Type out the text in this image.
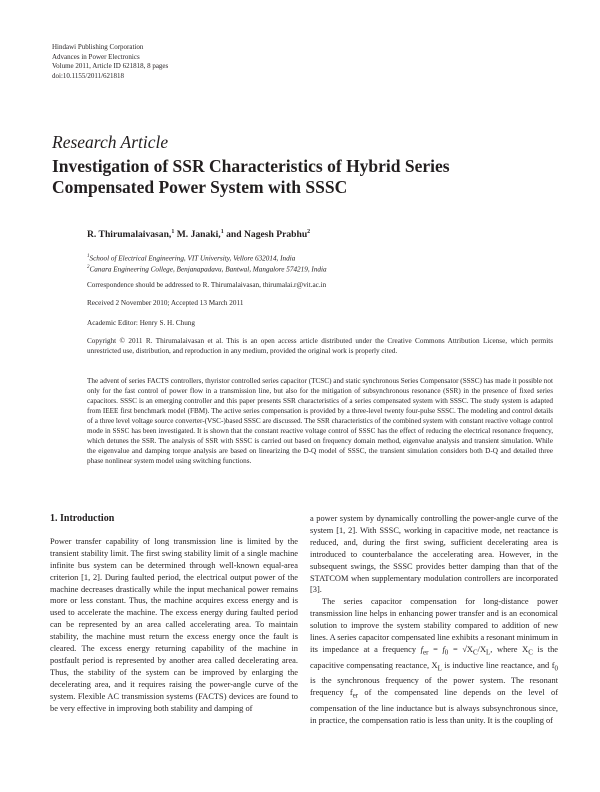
Hindawi Publishing Corporation
Advances in Power Electronics
Volume 2011, Article ID 621818, 8 pages
doi:10.1155/2011/621818
Research Article
Investigation of SSR Characteristics of Hybrid Series Compensated Power System with SSSC
R. Thirumalaivasan,$^1$ M. Janaki,$^1$ and Nagesh Prabhu$^2$
$^1$School of Electrical Engineering, VIT University, Vellore 632014, India
$^2$Canara Engineering College, Benjanapadavu, Bantwal, Mangalore 574219, India
Correspondence should be addressed to R. Thirumalaivasan, thirumalai.r@vit.ac.in
Received 2 November 2010; Accepted 13 March 2011
Academic Editor: Henry S. H. Chung
Copyright © 2011 R. Thirumalaivasan et al. This is an open access article distributed under the Creative Commons Attribution License, which permits unrestricted use, distribution, and reproduction in any medium, provided the original work is properly cited.
The advent of series FACTS controllers, thyristor controlled series capacitor (TCSC) and static synchronous Series Compensator (SSSC) has made it possible not only for the fast control of power flow in a transmission line, but also for the mitigation of subsynchronous resonance (SSR) in the presence of fixed series capacitors. SSSC is an emerging controller and this paper presents SSR characteristics of a series compensated system with SSSC. The study system is adapted from IEEE first benchmark model (FBM). The active series compensation is provided by a three-level twenty four-pulse SSSC. The modeling and control details of a three level voltage source converter-(VSC-)based SSSC are discussed. The SSR characteristics of the combined system with constant reactive voltage control mode in SSSC has been investigated. It is shown that the constant reactive voltage control of SSSC has the effect of reducing the electrical resonance frequency, which detunes the SSR. The analysis of SSR with SSSC is carried out based on frequency domain method, eigenvalue analysis and transient simulation. While the eigenvalue and damping torque analysis are based on linearizing the D-Q model of SSSC, the transient simulation considers both D-Q and detailed three phase nonlinear system model using switching functions.
1. Introduction

Power transfer capability of long transmission line is limited by the transient stability limit. The first swing stability limit of a single machine infinite bus system can be determined through well-known equal-area criterion [1, 2]. During faulted period, the electrical output power of the machine decreases drastically while the input mechanical power remains more or less constant. Thus, the machine acquires excess energy and is used to accelerate the machine. The excess energy during faulted period can be represented by an area called accelerating area. To maintain stability, the machine must return the excess energy once the fault is cleared. The excess energy returning capability of the machine in postfault period is represented by another area called decelerating area. Thus, the stability of the system can be improved by enlarging the decelerating area, and it requires raising the power-angle curve of the system. Flexible AC transmission systems (FACTS) devices are found to be very effective in improving both stability and damping of

a power system by dynamically controlling the power-angle curve of the system [1, 2]. With SSSC, working in capacitive mode, net reactance is reduced, and, during the first swing, sufficient decelerating area is introduced to counterbalance the accelerating area. However, in the subsequent swings, the SSSC provides better damping than that of the STATCOM when supplementary modulation controllers are incorporated [3].

The series capacitor compensation for long-distance power transmission line helps in enhancing power transfer and is an economical solution to improve the system stability compared to addition of new lines. A series capacitor compensated line exhibits a resonant minimum in its impedance at a frequency $f_{er} = f_0 = √X_C/X_L$, where $X_C$ is the capacitive compensating reactance, $X_L$ is inductive line reactance, and $f_0$ is the synchronous frequency of the power system. The resonant frequency $f_{er}$ of the compensated line depends on the level of compensation of the line inductance but is always subsynchronous since, in practice, the compensation ratio is less than unity. It is the coupling of
